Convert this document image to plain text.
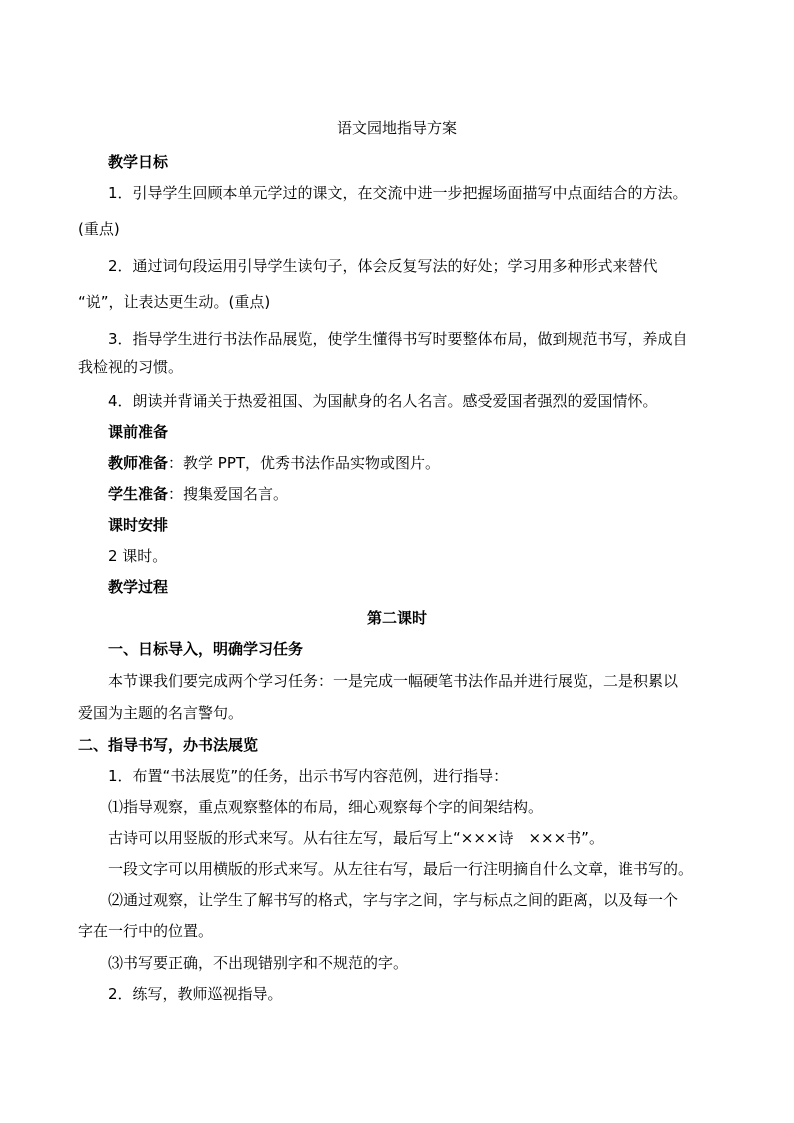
语文园地指导方案

教学日标

1．引导学生回顾本单元学过的课文，在交流中进一步把握场面描写中点面结合的方法。

(重点)

2．通过词句段运用引导学生读句子，体会反复写法的好处；学习用多种形式来替代

“说”，让表达更生动。(重点)

3．指导学生进行书法作品展览，使学生懂得书写时要整体布局，做到规范书写，养成自

我检视的习惯。

4．朗读并背诵关于热爱祖国、为国献身的名人名言。感受爱国者强烈的爱国情怀。

课前准备

教师准备：教学 PPT，优秀书法作品实物或图片。

学生准备：搜集爱国名言。

课时安排

2 课时。

教学过程

第二课时

一、日标导入，明确学习任务

本节课我们要完成两个学习任务：一是完成一幅硬笔书法作品并进行展览，二是积累以

爱国为主题的名言警句。

二、指导书写，办书法展览

1．布置“书法展览”的任务，出示书写内容范例，进行指导：

⑴指导观察，重点观察整体的布局，细心观察每个字的间架结构。

古诗可以用竖版的形式来写。从右往左写，最后写上“×××诗　×××书”。

一段文字可以用横版的形式来写。从左往右写，最后一行注明摘自什么文章，谁书写的。

⑵通过观察，让学生了解书写的格式，字与字之间，字与标点之间的距离，以及每一个

字在一行中的位置。

⑶书写要正确，不出现错别字和不规范的字。

2．练写，教师巡视指导。
